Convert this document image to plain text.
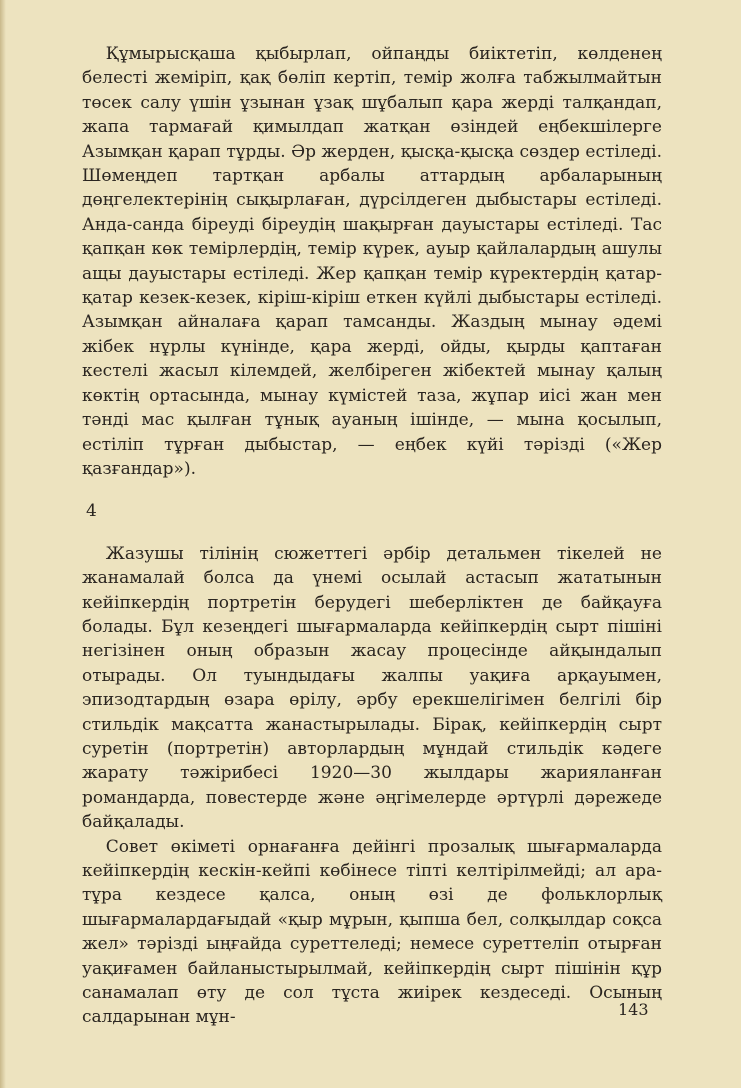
Құмырысқаша қыбырлап, ойпаңды биіктетіп, көлденең белесті жеміріп, қақ бөліп кертіп, темір жолға табжылмайтын төсек салу үшін ұзынан ұзақ шұбалып қара жерді талқандап, жапа тармағай қимылдап жатқан өзіндей еңбекшілерге Азымқан қарап тұрды. Әр жерден, қысқа-қысқа сөздер естіледі. Шөмеңдеп тартқан арбалы аттардың арбаларының дөңгелектерінің сықырлаған, дүрсілдеген дыбыстары естіледі. Анда-санда біреуді біреудің шақырған дауыстары естіледі. Тас қапқан көк темірлердің, темір күрек, ауыр қайлалардың ашулы ащы дауыстары естіледі. Жер қапқан темір күректердің қатар-қатар кезек-кезек, кіріш-кіріш еткен күйлі дыбыстары естіледі. Азымқан айналаға қарап тамсанды. Жаздың мынау әдемі жібек нұрлы күнінде, қара жерді, ойды, қырды қаптаған кестелі жасыл кілемдей, желбіреген жібектей мынау қалың көктің ортасында, мынау күмістей таза, жұпар иісі жан мен тәнді мас қылған тұнық ауаның ішінде, — мына қосылып, естіліп тұрған дыбыстар, — еңбек күйі тәрізді («Жер қазғандар»).

4

Жазушы тілінің сюжеттегі әрбір детальмен тікелей не жанамалай болса да үнемі осылай астасып жататынын кейіпкердің портретін берудегі шеберліктен де байқауға болады. Бұл кезеңдегі шығармаларда кейіпкердің сырт пішіні негізінен оның образын жасау процесінде айқындалып отырады. Ол туындыдағы жалпы уақиға арқауымен, эпизодтардың өзара өрілу, әрбу ерекшелігімен белгілі бір стильдік мақсатта жанастырылады. Бірақ, кейіпкердің сырт суретін (портретін) авторлардың мұндай стильдік кәдеге жарату тәжірибесі 1920—30 жылдары жарияланған романдарда, повестерде және әңгімелерде әртүрлі дәрежеде байқалады.

Совет өкіметі орнағанға дейінгі прозалық шығармаларда кейіпкердің кескін-кейпі көбінесе тіпті келтірілмейді; ал ара-тұра кездесе қалса, оның өзі де фольклорлық шығармалардағыдай «қыр мұрын, қыпша бел, солқылдар соқса жел» тәрізді ыңғайда суреттеледі; немесе суреттеліп отырған уақиғамен байланыстырылмай, кейіпкердің сырт пішінін құр санамалап өту де сол тұста жиірек кездеседі. Осының салдарынан мұн-	143
